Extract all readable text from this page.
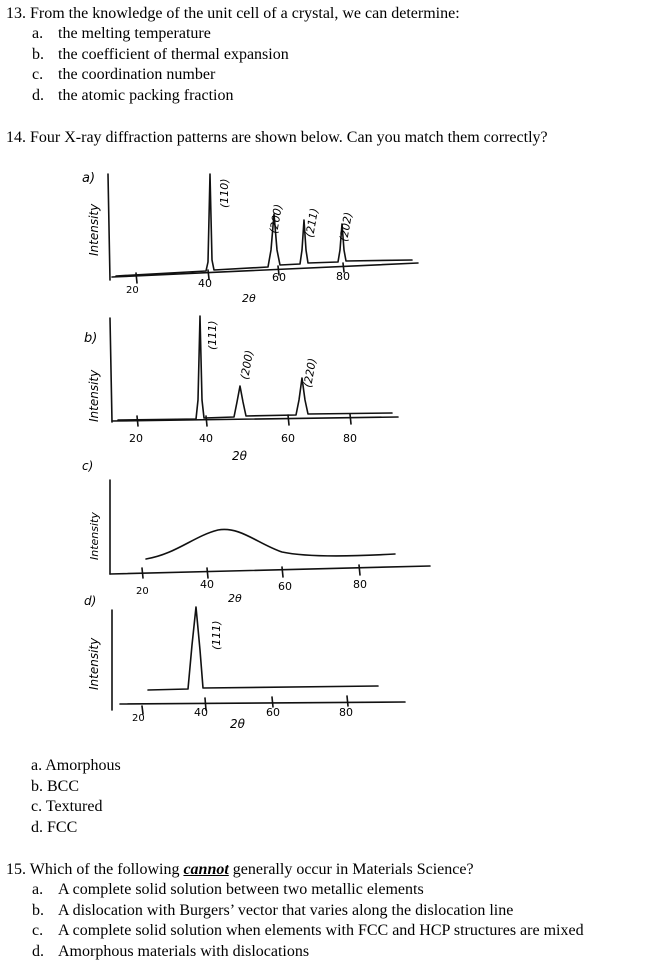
13. From the knowledge of the unit cell of a crystal, we can determine:
a. the melting temperature
b. the coefficient of thermal expansion
c. the coordination number
d. the atomic packing fraction
14. Four X-ray diffraction patterns are shown below. Can you match them correctly?
a)
Intensity
20
40	60	80
2θ
(110)
(200) (211) (202)
b)
Intensity
20	40	60	80
2θ
(111)
(200)	(220)
c)
Intensity
20
40	60	80
2θ
d)
Intensity
20	40	60	80
2θ
(111)
a. Amorphous
b. BCC
c. Textured
d. FCC
15. Which of the following cannot generally occur in Materials Science?
a. A complete solid solution between two metallic elements
b. A dislocation with Burgers’ vector that varies along the dislocation line
c. A complete solid solution when elements with FCC and HCP structures are mixed
d. Amorphous materials with dislocations
